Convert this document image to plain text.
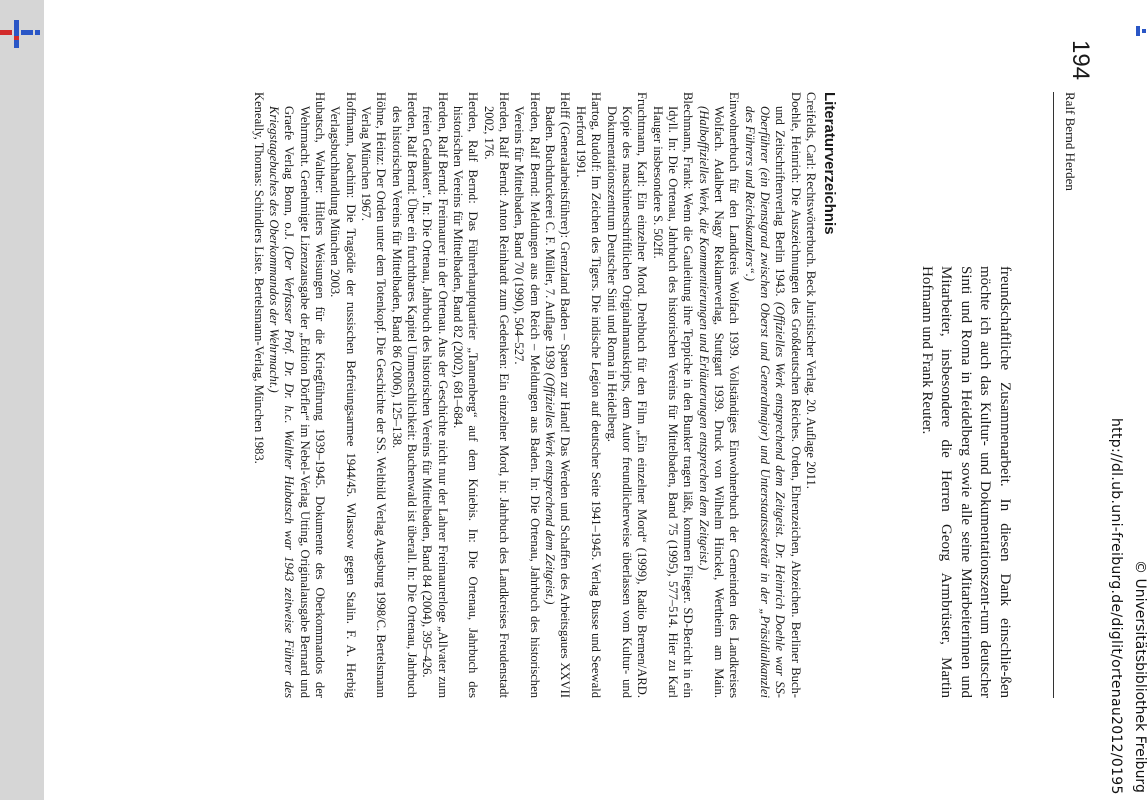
194
Ralf Bernd Herden

freundschaftliche Zusammenarbeit. In diesen Dank einschlie-ßen möchte ich auch das Kultur- und Dokumentationszent-rum deutscher Sinti und Roma in Heidelberg sowie alle seine Mitarbeiterinnen und Mitarbeiter, insbesondere die Herren Georg Armbrüster, Martin Hofmann und Frank Reuter.

Literaturverzeichnis

Creifelds, Carl: Rechtswörterbuch. Beck Juristischer Verlag. 20. Auflage 2011.

Doehle, Heinrich: Die Auszeichnungen des Großdeutschen Reiches. Orden, Ehrenzeichen, Abzeichen. Berliner Buch- und Zeitschriftenverlag Berlin 1943. (Offizielles Werk entsprechend dem Zeitgeist. Dr. Heinrich Doehle war SS-Oberführer (ein Dienstgrad zwischen Oberst und Generalmajor) und Unterstaatssekretär in der „Präsidialkanzlei des Führers und Reichskanzlers“.)

Einwohnerbuch für den Landkreis Wolfach 1939. Vollständiges Einwohnerbuch der Gemeinden des Landkreises Wolfach. Adalbert Nagy Reklameverlag, Stuttgart 1939. Druck von Wilhelm Hinckel, Wertheim am Main. (Halboffizielles Werk, die Kommentierungen und Erläuterungen entsprechen dem Zeitgeist.)

Blechmann, Frank: Wenn die Gauleitung ihre Teppiche in den Bunker tragen läßt, kommen Flieger. SD-Bericht in ein Idyll. In: Die Ortenau, Jahrbuch des historischen Vereins für Mittelbaden, Band 75 (1995), 577–514. Hier zu Karl Hauger insbesondere S. 502ff.

Fruchtmann, Karl: Ein einzelner Mord. Drehbuch für den Film „Ein einzelner Mord“ (1999), Radio Bremen/ARD. Kopie des maschinenschriftlichen Originalmanuskripts, dem Autor freundlicherweise überlassen vom Kultur- und Dokumentationszentrum Deutscher Sinti und Roma in Heidelberg.

Hartog, Rudolf: Im Zeichen des Tigers. Die indische Legion auf deutscher Seite 1941–1945. Verlag Busse und Seewald Herford 1991.

Helff (Generalarbeitsführer): Grenzland Baden – Spaten zur Hand! Das Werden und Schaffen des Arbeitsgaues XXVII Baden. Buchdruckerei C. F. Müller, 7. Auflage 1939 (Offizielles Werk entsprechend dem Zeitgeist.)

Herden, Ralf Bernd: Meldungen aus dem Reich – Meldungen aus Baden. In: Die Ortenau, Jahrbuch des historischen Vereins für Mittelbaden, Band 70 (1990), 504–527.

Herden, Ralf Bernd: Anton Reinhardt zum Gedenken: Ein einzelner Mord, in: Jahrbuch des Landkreises Freudenstadt 2002, 176.

Herden, Ralf Bernd: Das Führerhauptquartier „Tannenberg“ auf dem Kniebis. In: Die Ortenau, Jahrbuch des historischen Vereins für Mittelbaden, Band 82 (2002), 681–684.

Herden, Ralf Bernd: Freimaurer in der Ortenau. Aus der Geschichte nicht nur der Lahrer Freimaurerloge „Allvater zum freien Gedanken“. In: Die Ortenau, Jahrbuch des historischen Vereins für Mittelbaden, Band 84 (2004), 395–426.

Herden, Ralf Bernd: Über ein furchtbares Kapitel Unmenschlichkeit: Buchenwald ist überall. In: Die Ortenau, Jahrbuch des historischen Vereins für Mittelbaden, Band 86 (2006), 125–138.

Höhne, Heinz: Der Orden unter dem Totenkopf. Die Geschichte der SS. Weltbild Verlag Augsburg 1998/C. Bertelsmann Verlag München 1967.

Hoffmann, Joachim: Die Tragödie der russischen Befreiungsarmee 1944/45. Wlassow gegen Stalin. F. A. Herbig Verlagsbuchhandlung München 2003.

Hubatsch, Walther: Hitlers Weisungen für die Kriegführung 1939–1945. Dokumente des Oberkommandos der Wehrmacht. Genehmigte Lizenzausgabe der „Edition Dörfler“ im Nebel-Verlag Utting, Originalausgabe Bernard und Graefe Verlag Bonn, o.J. (Der Verfasser Prof. Dr. Dr. h.c. Walther Hubatsch war 1943 zeitweise Führer des Kriegstagebuches des Oberkommandos der Wehrmacht.)

Keneally, Thomas: Schindlers Liste. Bertelsmann-Verlag, München 1983.

http://dl.ub.uni-freiburg.de/diglit/ortenau2012/0195 © Universitätsbibliothek Freiburg
